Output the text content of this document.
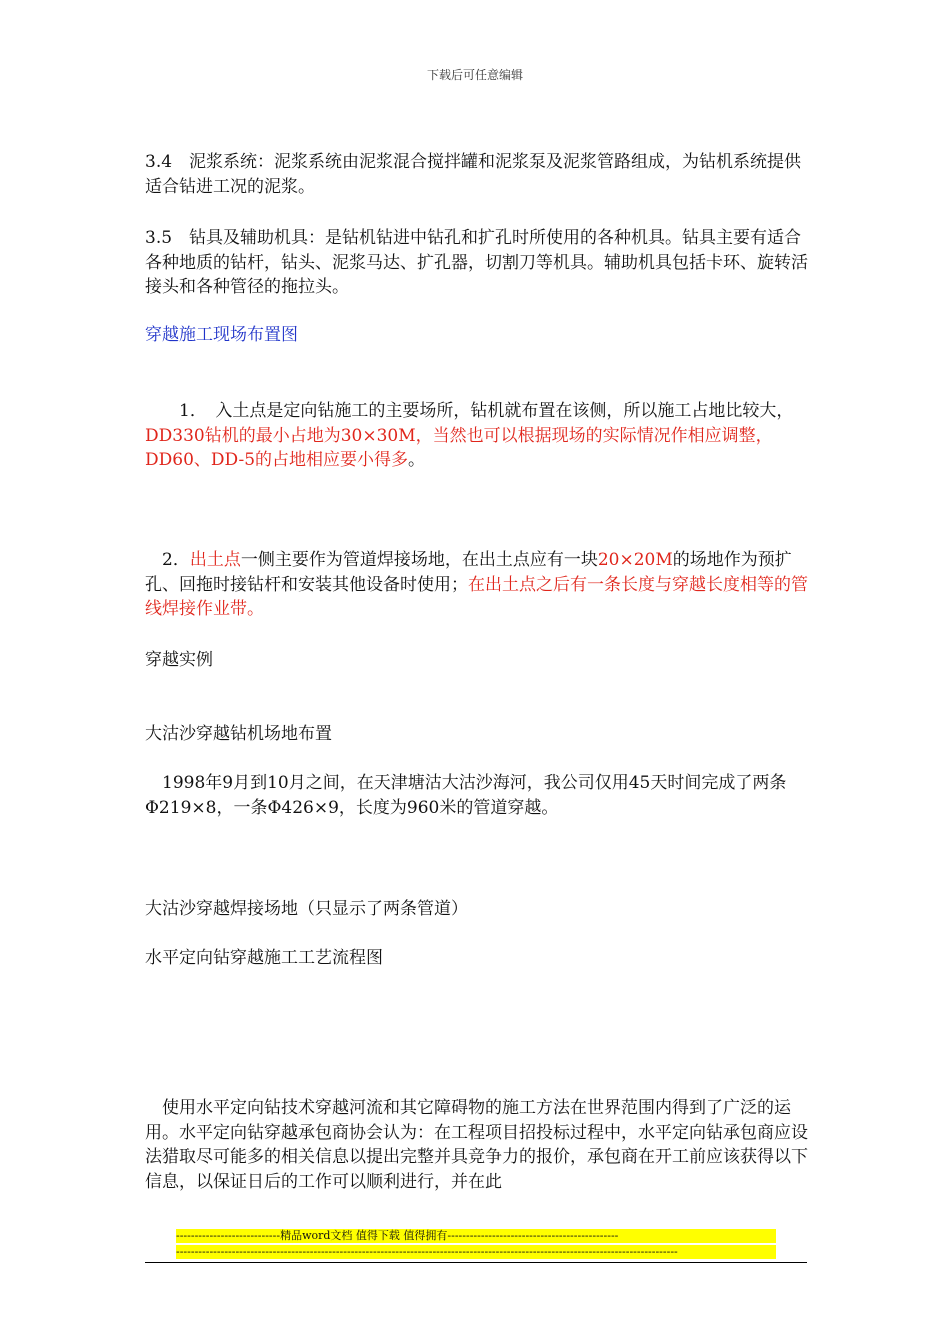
下载后可任意编辑

3.4　泥浆系统：泥浆系统由泥浆混合搅拌罐和泥浆泵及泥浆管路组成，为钻机系统提供适合钻进工况的泥浆。

3.5　钻具及辅助机具：是钻机钻进中钻孔和扩孔时所使用的各种机具。钻具主要有适合各种地质的钻杆，钻头、泥浆马达、扩孔器，切割刀等机具。辅助机具包括卡环、旋转活接头和各种管径的拖拉头。

穿越施工现场布置图

　　1．　入土点是定向钻施工的主要场所，钻机就布置在该侧，所以施工占地比较大，DD330钻机的最小占地为30×30M，当然也可以根据现场的实际情况作相应调整，DD60、DD-5的占地相应要小得多。

　2．出土点一侧主要作为管道焊接场地，在出土点应有一块20×20M的场地作为预扩孔、回拖时接钻杆和安装其他设备时使用；在出土点之后有一条长度与穿越长度相等的管线焊接作业带。

穿越实例

大沽沙穿越钻机场地布置

　1998年9月到10月之间，在天津塘沽大沽沙海河，我公司仅用45天时间完成了两条Φ219×8，一条Φ426×9，长度为960米的管道穿越。

大沽沙穿越焊接场地（只显示了两条管道）

水平定向钻穿越施工工艺流程图

　使用水平定向钻技术穿越河流和其它障碍物的施工方法在世界范围内得到了广泛的运用。水平定向钻穿越承包商协会认为：在工程项目招投标过程中，水平定向钻承包商应设法猎取尽可能多的相关信息以提出完整并具竞争力的报价，承包商在开工前应该获得以下信息，以保证日后的工作可以顺利进行，并在此

----------------------------精品word文档 值得下载 值得拥有----------------------------------------------
---------------------------------------------------------------------------------------------------------------------------------------
